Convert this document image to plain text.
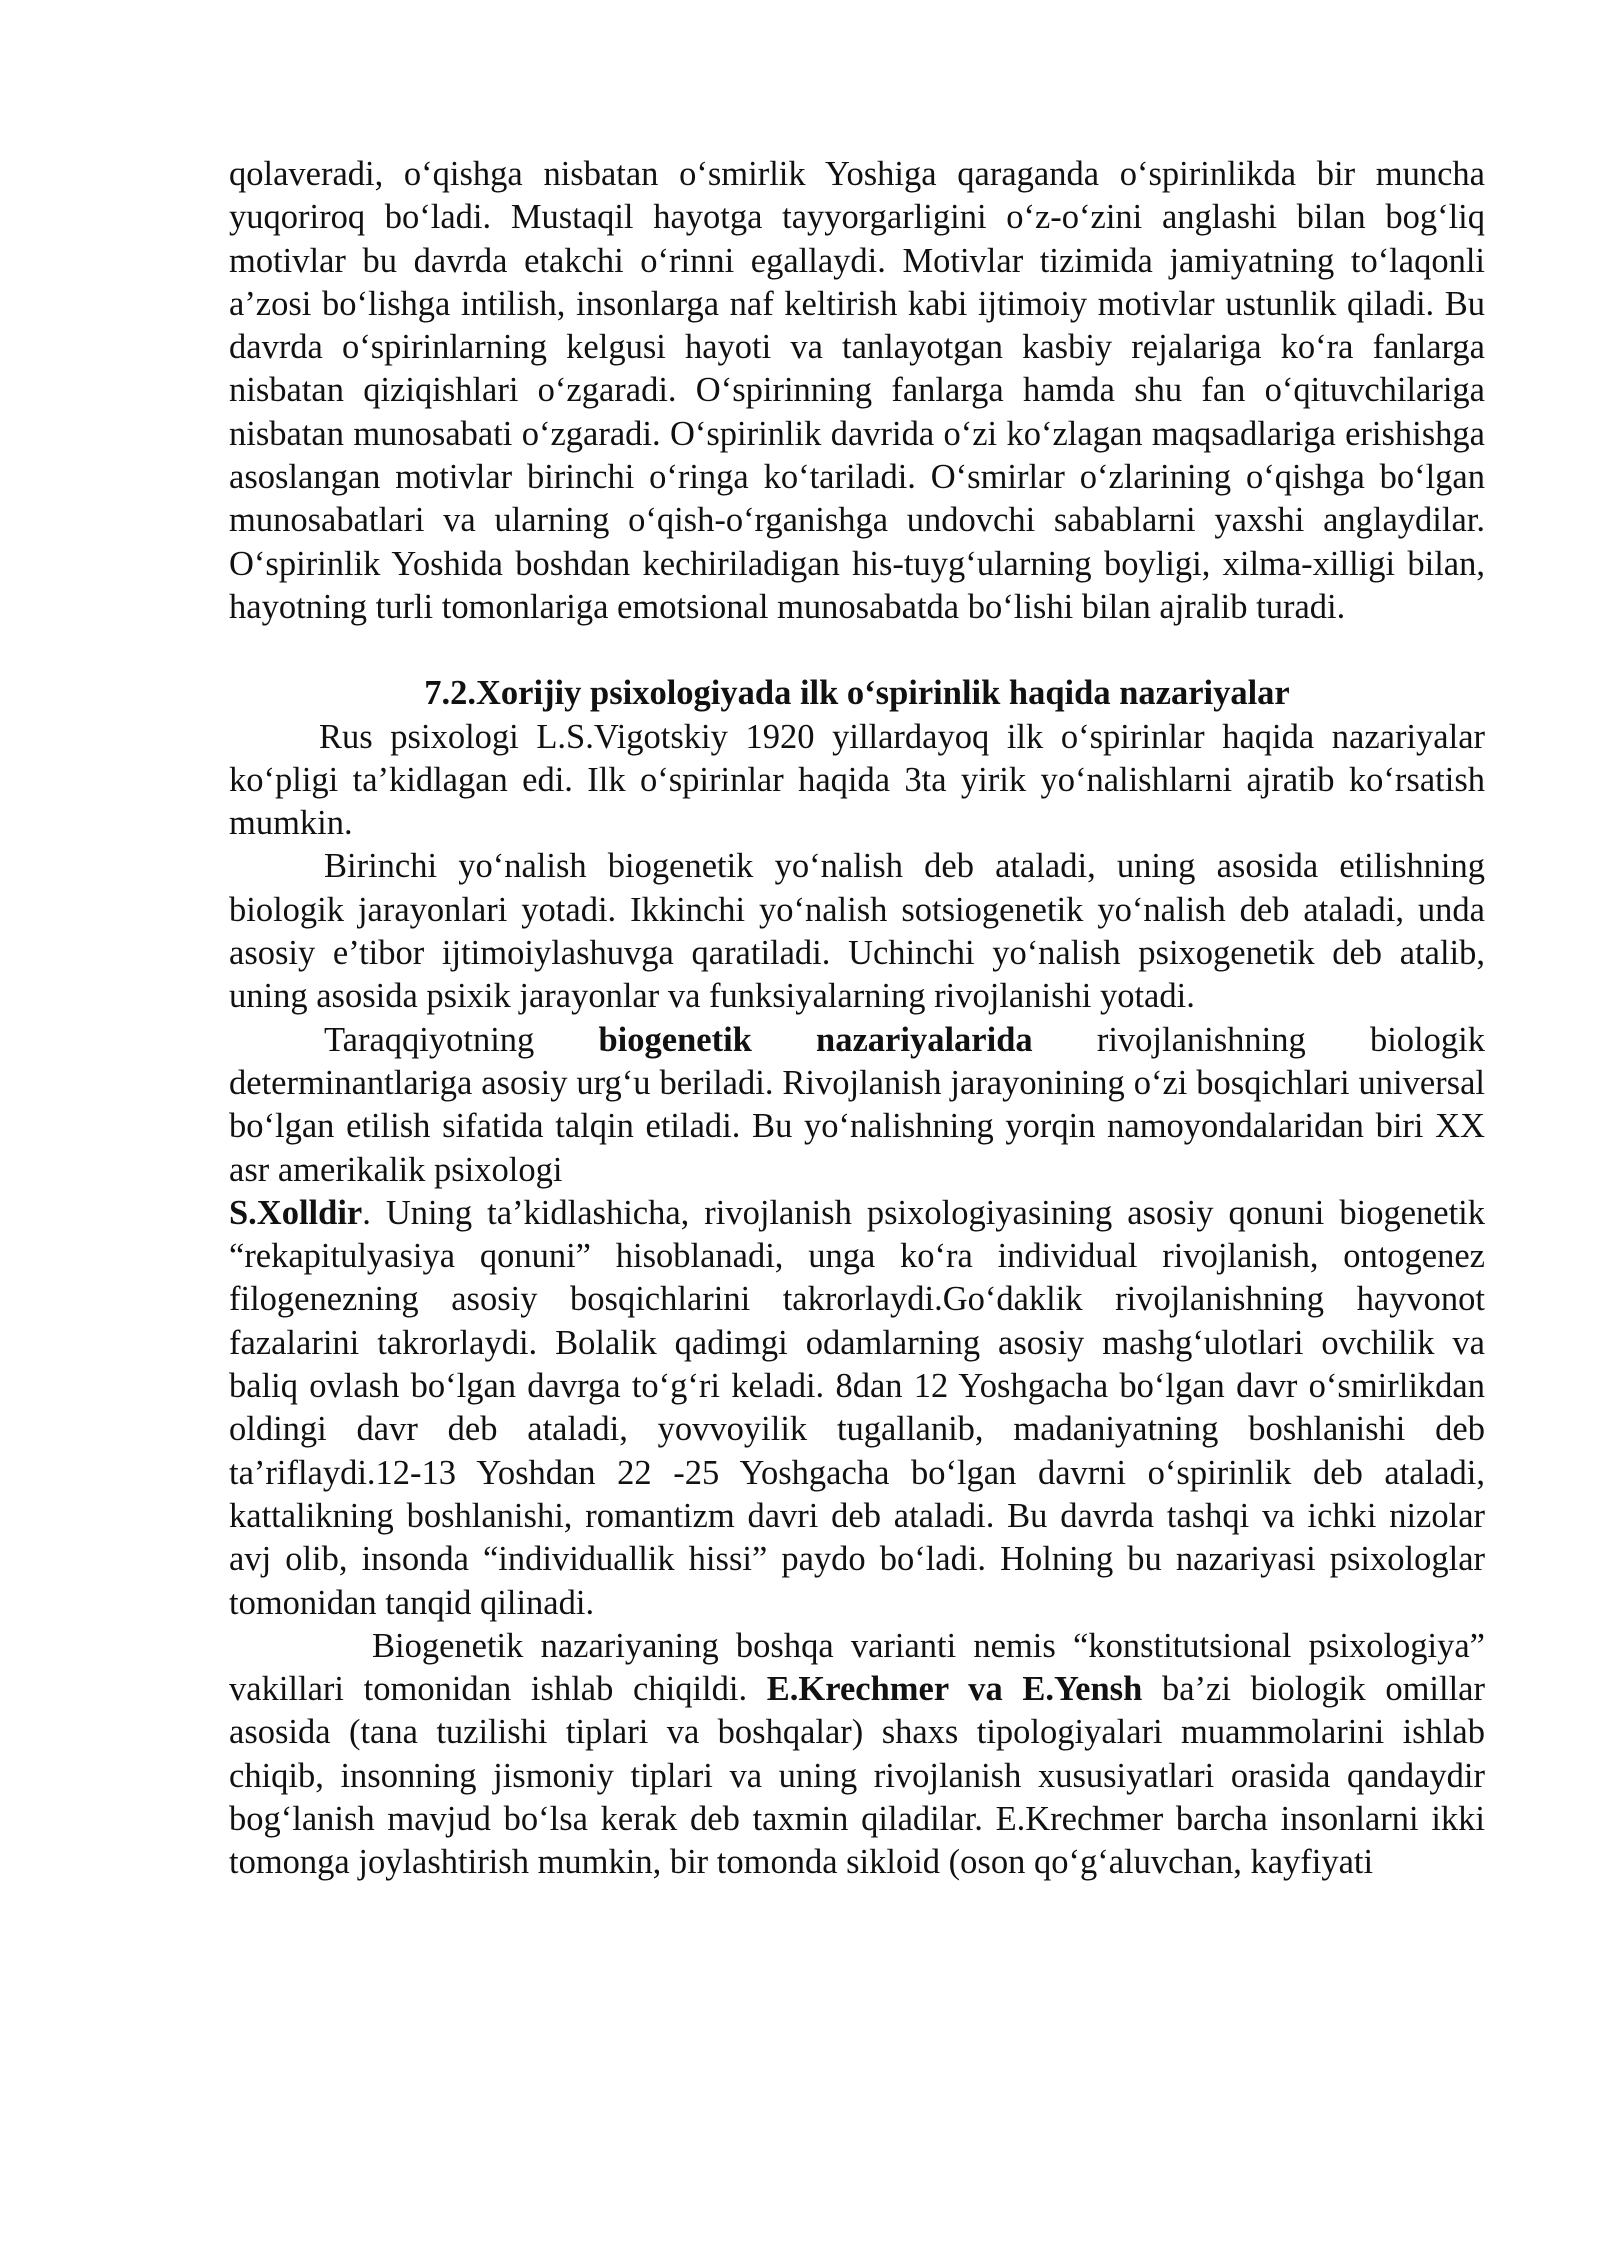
qolaveradi, o‘qishga nisbatan o‘smirlik Yoshiga qaraganda o‘spirinlikda bir muncha yuqoriroq bo‘ladi. Mustaqil hayotga tayyorgarligini o‘z-o‘zini anglashi bilan bog‘liq motivlar bu davrda etakchi o‘rinni egallaydi. Motivlar tizimida jamiyatning to‘laqonli a’zosi bo‘lishga intilish, insonlarga naf keltirish kabi ijtimoiy motivlar ustunlik qiladi. Bu davrda o‘spirinlarning kelgusi hayoti va tanlayotgan kasbiy rejalariga ko‘ra fanlarga nisbatan qiziqishlari o‘zgaradi. O‘spirinning fanlarga hamda shu fan o‘qituvchilariga nisbatan munosabati o‘zgaradi. O‘spirinlik davrida o‘zi ko‘zlagan maqsadlariga erishishga asoslangan motivlar birinchi o‘ringa ko‘tariladi. O‘smirlar o‘zlarining o‘qishga bo‘lgan munosabatlari va ularning o‘qish-o‘rganishga undovchi sabablarni yaxshi anglaydilar. O‘spirinlik Yoshida boshdan kechiriladigan his-tuyg‘ularning boyligi, xilma-xilligi bilan, hayotning turli tomonlariga emotsional munosabatda bo‘lishi bilan ajralib turadi.

7.2.Xorijiy psixologiyada ilk o‘spirinlik haqida nazariyalar

Rus psixologi L.S.Vigotskiy 1920 yillardayoq ilk o‘spirinlar haqida nazariyalar ko‘pligi ta’kidlagan edi. Ilk o‘spirinlar haqida 3ta yirik yo‘nalishlarni ajratib ko‘rsatish mumkin.

Birinchi yo‘nalish biogenetik yo‘nalish deb ataladi, uning asosida etilishning biologik jarayonlari yotadi. Ikkinchi yo‘nalish sotsiogenetik yo‘nalish deb ataladi, unda asosiy e’tibor ijtimoiylashuvga qaratiladi. Uchinchi yo‘nalish psixogenetik deb atalib, uning asosida psixik jarayonlar va funksiyalarning rivojlanishi yotadi.

Taraqqiyotning biogenetik nazariyalarida rivojlanishning biologik determinantlariga asosiy urg‘u beriladi. Rivojlanish jarayonining o‘zi bosqichlari universal bo‘lgan etilish sifatida talqin etiladi. Bu yo‘nalishning yorqin namoyondalaridan biri XX asr amerikalik psixologi

S.Xolldir. Uning ta’kidlashicha, rivojlanish psixologiyasining asosiy qonuni biogenetik “rekapitulyasiya qonuni” hisoblanadi, unga ko‘ra individual rivojlanish, ontogenez filogenezning asosiy bosqichlarini takrorlaydi.Go‘daklik rivojlanishning hayvonot fazalarini takrorlaydi. Bolalik qadimgi odamlarning asosiy mashg‘ulotlari ovchilik va baliq ovlash bo‘lgan davrga to‘g‘ri keladi. 8dan 12 Yoshgacha bo‘lgan davr o‘smirlikdan oldingi davr deb ataladi, yovvoyilik tugallanib, madaniyatning boshlanishi deb ta’riflaydi.12-13 Yoshdan 22 -25 Yoshgacha bo‘lgan davrni o‘spirinlik deb ataladi, kattalikning boshlanishi, romantizm davri deb ataladi. Bu davrda tashqi va ichki nizolar avj olib, insonda “individuallik hissi” paydo bo‘ladi. Holning bu nazariyasi psixologlar tomonidan tanqid qilinadi.

Biogenetik nazariyaning boshqa varianti nemis “konstitutsional psixologiya” vakillari tomonidan ishlab chiqildi. E.Krechmer va E.Yensh ba’zi biologik omillar asosida (tana tuzilishi tiplari va boshqalar) shaxs tipologiyalari muammolarini ishlab chiqib, insonning jismoniy tiplari va uning rivojlanish xususiyatlari orasida qandaydir bog‘lanish mavjud bo‘lsa kerak deb taxmin qiladilar. E.Krechmer barcha insonlarni ikki tomonga joylashtirish mumkin, bir tomonda sikloid (oson qo‘g‘aluvchan, kayfiyati
